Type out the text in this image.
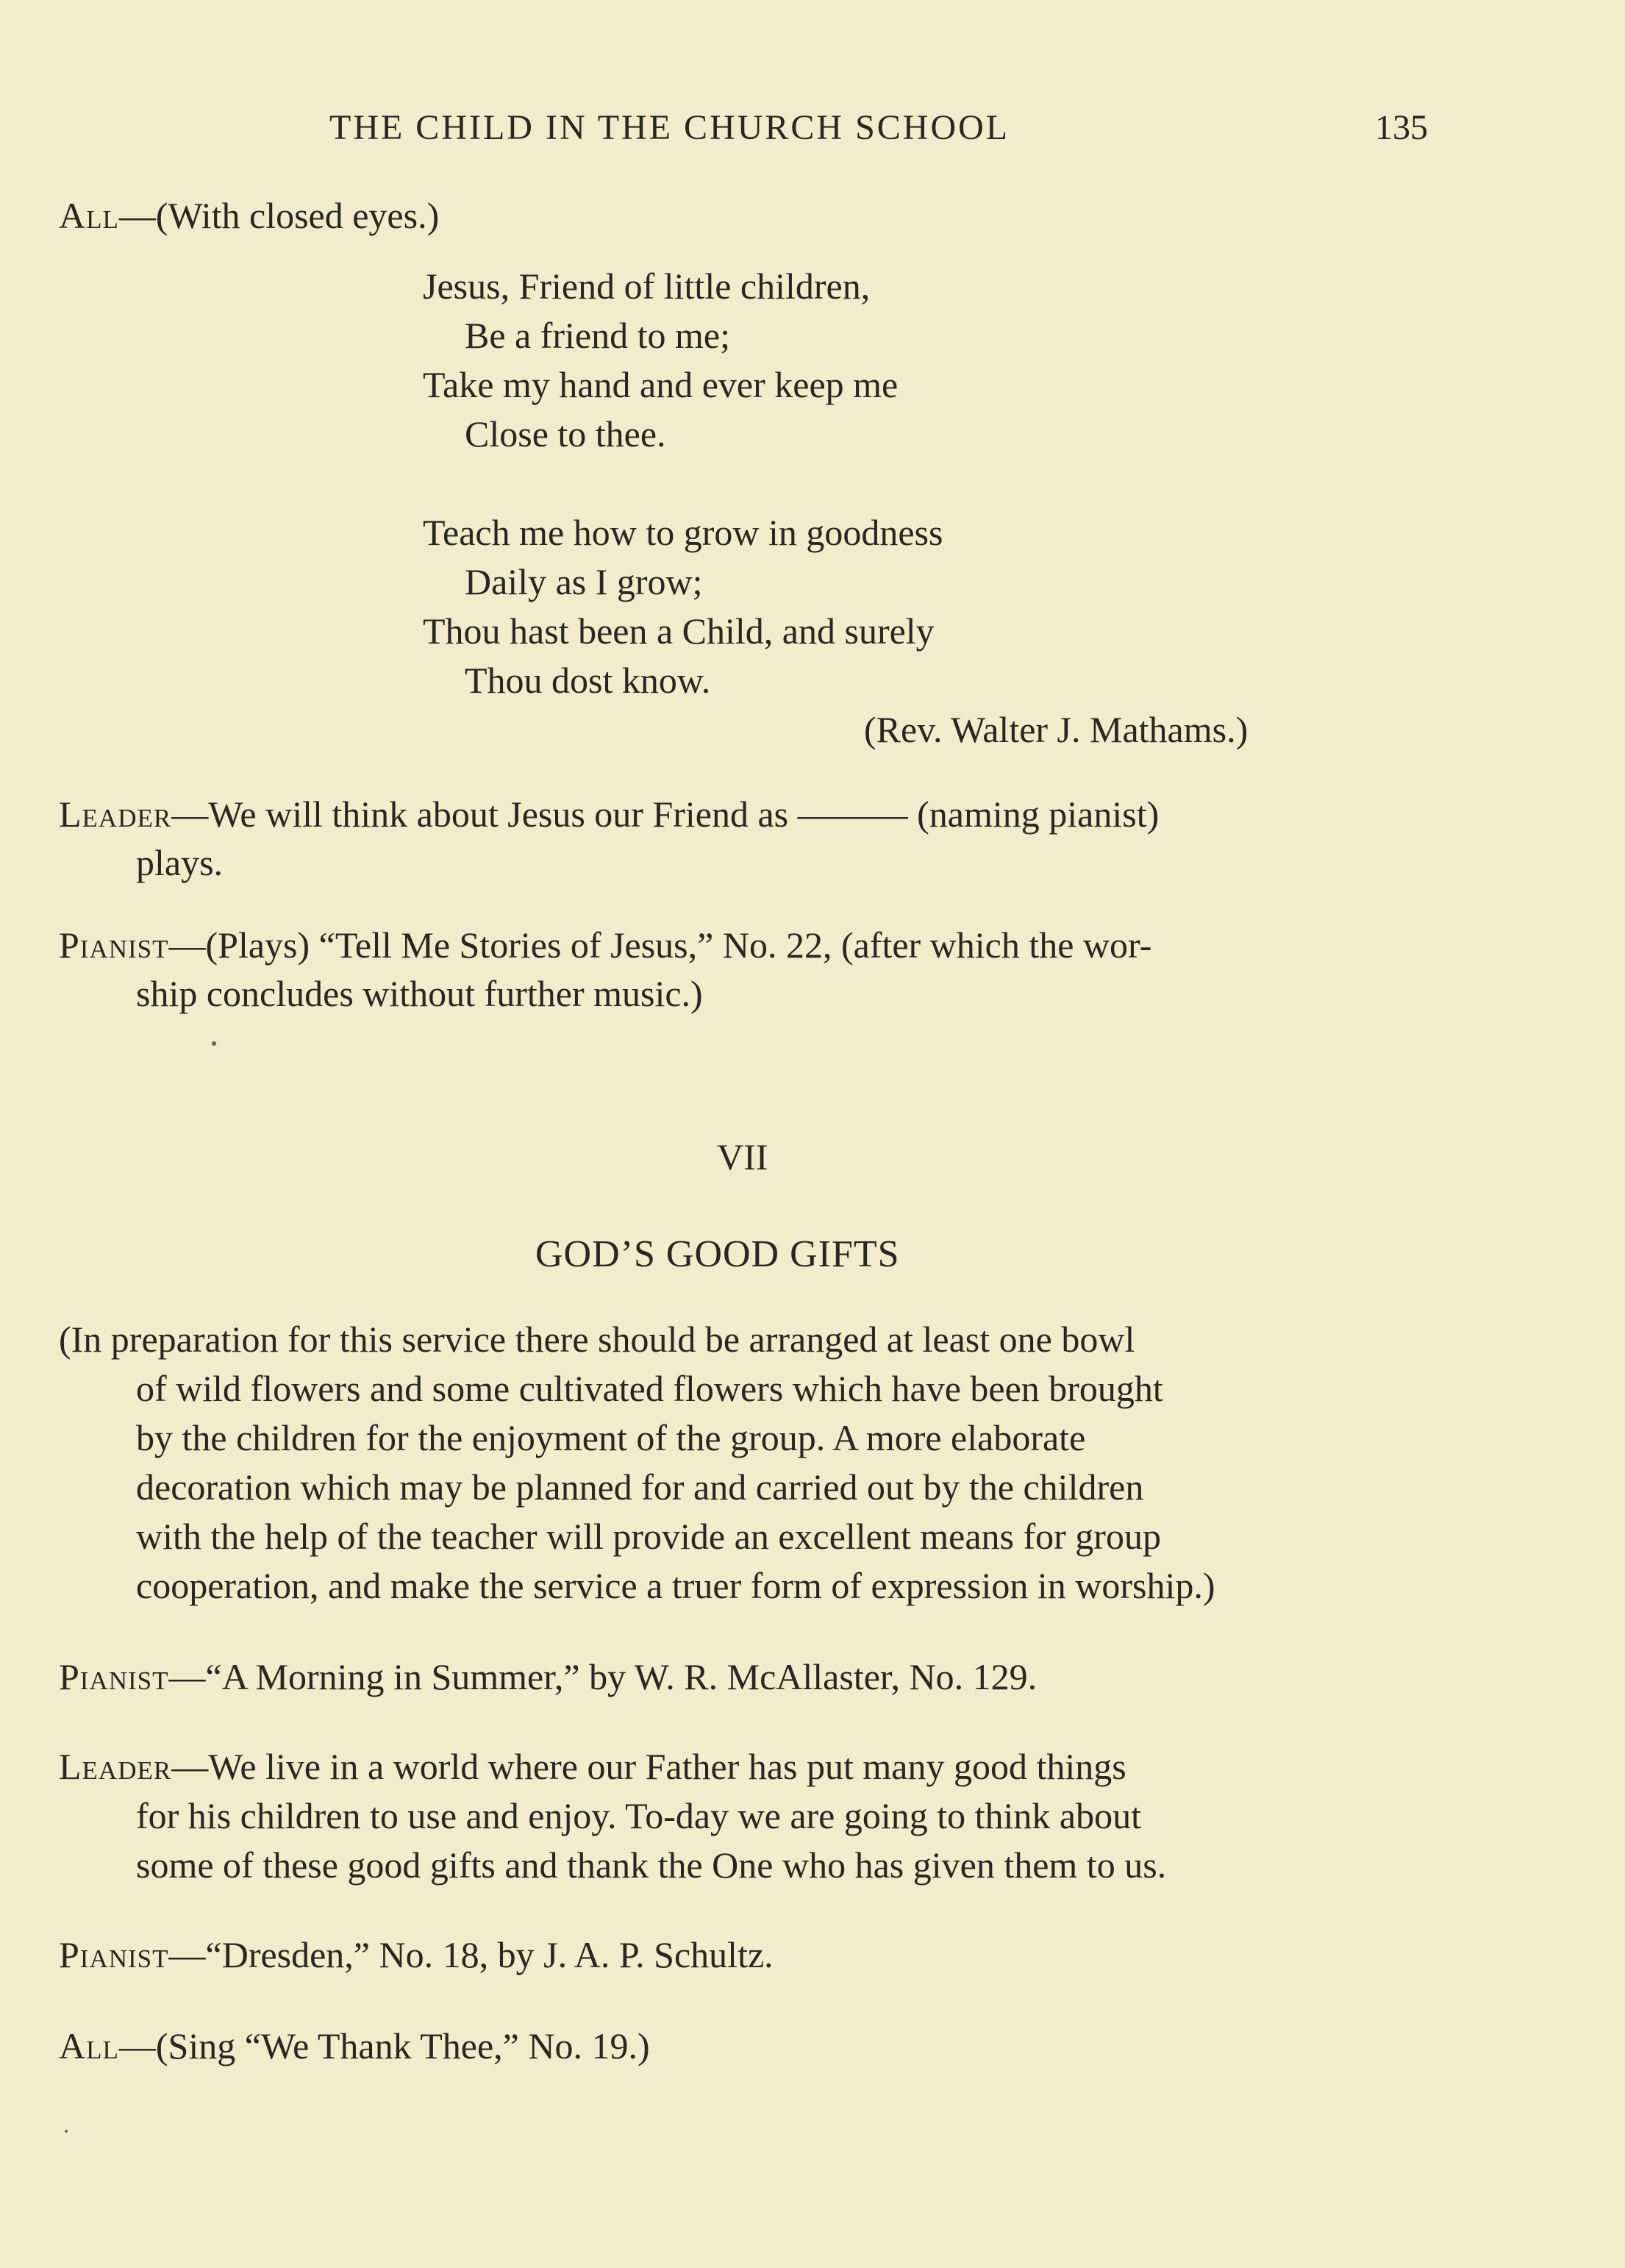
THE CHILD IN THE CHURCH SCHOOL	135
All—(With closed eyes.)
Jesus, Friend of little children,
Be a friend to me;
Take my hand and ever keep me
Close to thee.
Teach me how to grow in goodness
Daily as I grow;
Thou hast been a Child, and surely
Thou dost know.
(Rev. Walter J. Mathams.)
Leader—We will think about Jesus our Friend as ——— (naming pianist)
plays.
Pianist—(Plays) “Tell Me Stories of Jesus,” No. 22, (after which the wor-
ship concludes without further music.)
VII
GOD’S GOOD GIFTS
(In preparation for this service there should be arranged at least one bowl
of wild flowers and some cultivated flowers which have been brought
by the children for the enjoyment of the group. A more elaborate
decoration which may be planned for and carried out by the children
with the help of the teacher will provide an excellent means for group
cooperation, and make the service a truer form of expression in worship.)
Pianist—“A Morning in Summer,” by W. R. McAllaster, No. 129.
Leader—We live in a world where our Father has put many good things
for his children to use and enjoy. To-day we are going to think about
some of these good gifts and thank the One who has given them to us.
Pianist—“Dresden,” No. 18, by J. A. P. Schultz.
All—(Sing “We Thank Thee,” No. 19.)
